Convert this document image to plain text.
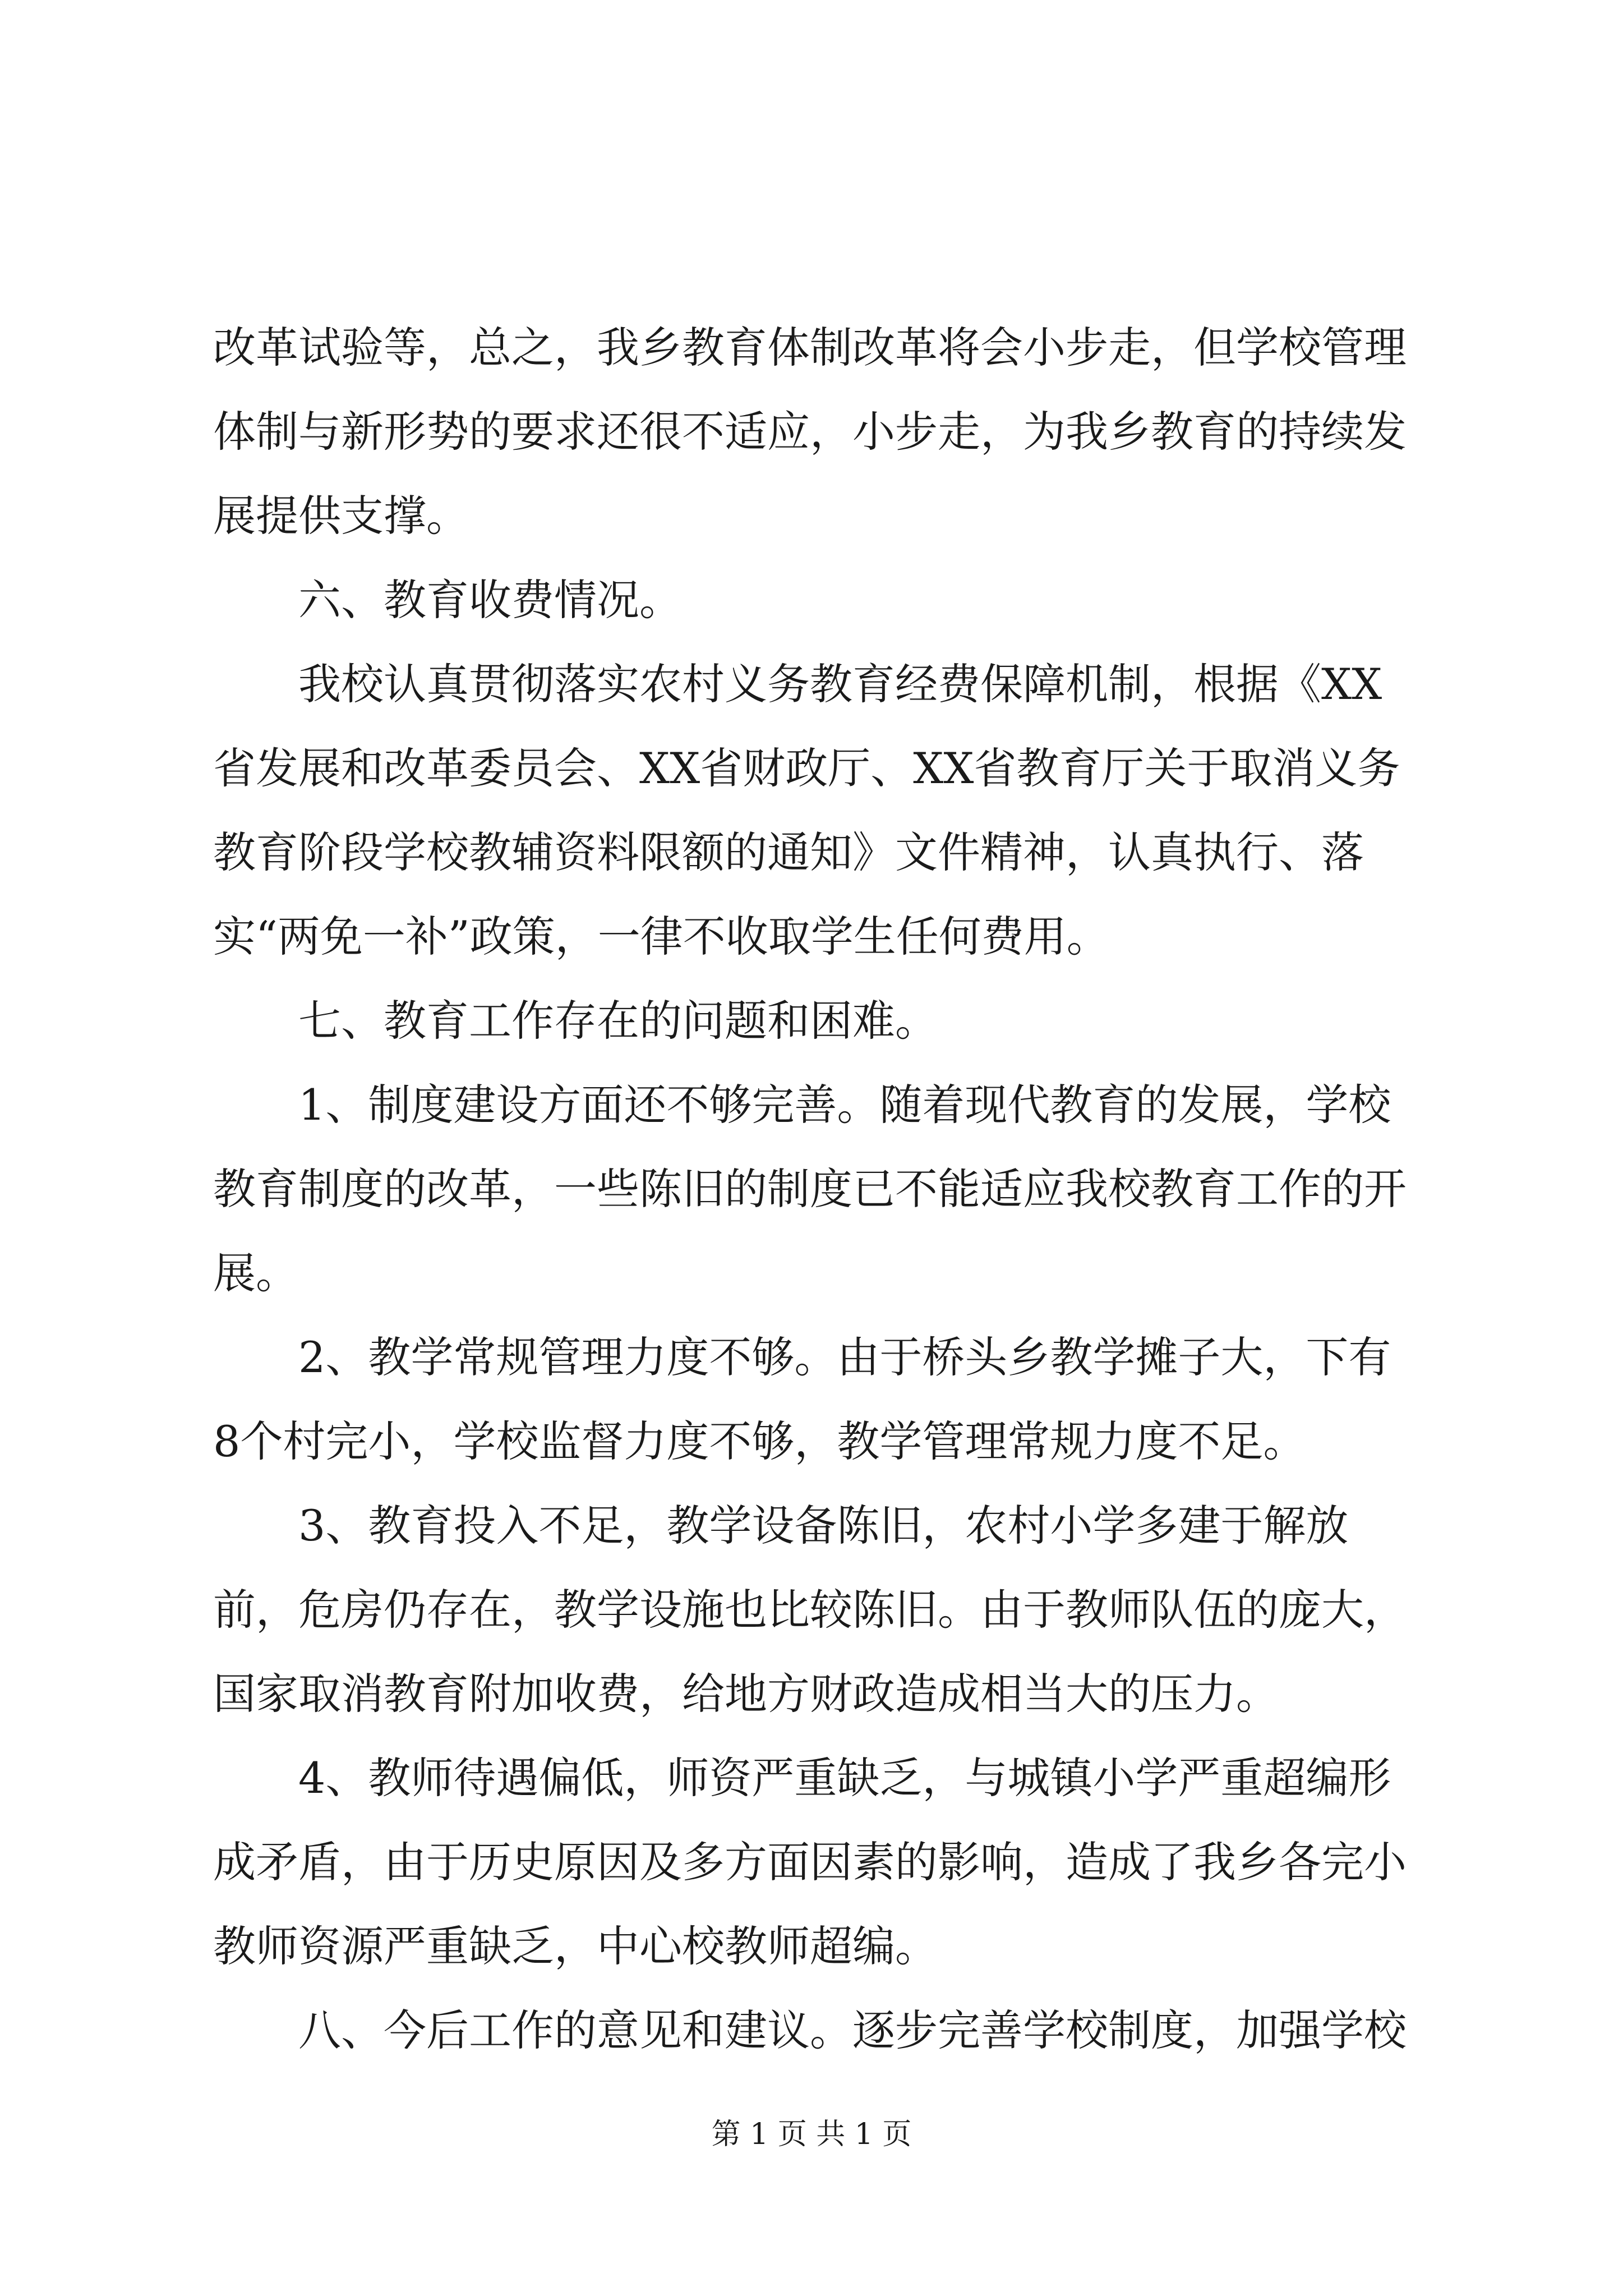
改革试验等，总之，我乡教育体制改革将会小步走，但学校管理体制与新形势的要求还很不适应，小步走，为我乡教育的持续发展提供支撑。

六、教育收费情况。

我校认真贯彻落实农村义务教育经费保障机制，根据《XX省发展和改革委员会、XX省财政厅、XX省教育厅关于取消义务教育阶段学校教辅资料限额的通知》文件精神，认真执行、落实“两免一补”政策，一律不收取学生任何费用。

七、教育工作存在的问题和困难。

1、制度建设方面还不够完善。随着现代教育的发展，学校教育制度的改革，一些陈旧的制度已不能适应我校教育工作的开展。

2、教学常规管理力度不够。由于桥头乡教学摊子大，下有8个村完小，学校监督力度不够，教学管理常规力度不足。

3、教育投入不足，教学设备陈旧，农村小学多建于解放前，危房仍存在，教学设施也比较陈旧。由于教师队伍的庞大，国家取消教育附加收费，给地方财政造成相当大的压力。

4、教师待遇偏低，师资严重缺乏，与城镇小学严重超编形成矛盾，由于历史原因及多方面因素的影响，造成了我乡各完小教师资源严重缺乏，中心校教师超编。

八、今后工作的意见和建议。逐步完善学校制度，加强学校

第 1 页 共 1 页
